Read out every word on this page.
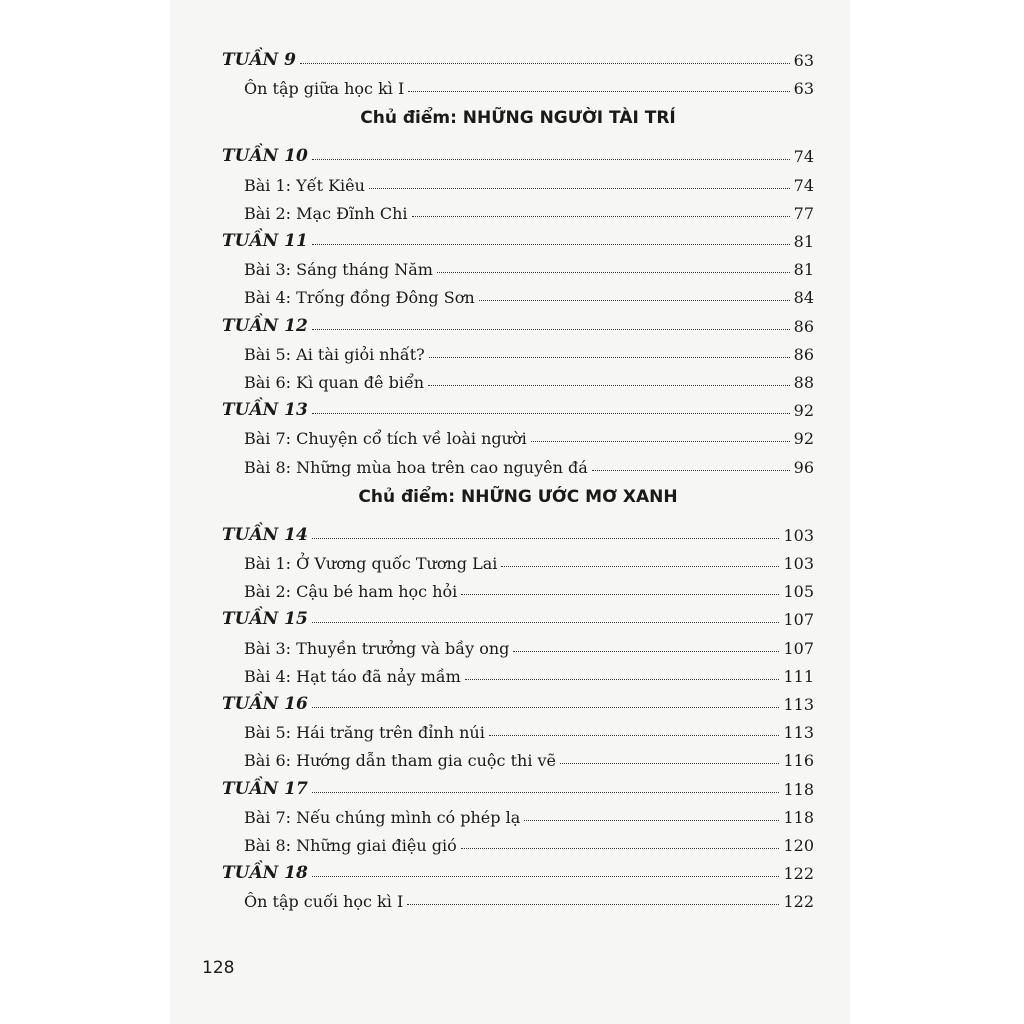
TUẦN 9	63
Ôn tập giữa học kì I	63
Chủ điểm: NHỮNG NGƯỜI TÀI TRÍ
TUẦN 10	74
Bài 1: Yết Kiêu	74
Bài 2: Mạc Đĩnh Chi	77
TUẦN 11	81
Bài 3: Sáng tháng Năm	81
Bài 4: Trống đồng Đông Sơn	84
TUẦN 12	86
Bài 5: Ai tài giỏi nhất?	86
Bài 6: Kì quan đê biển	88
TUẦN 13	92
Bài 7: Chuyện cổ tích về loài người	92
Bài 8: Những mùa hoa trên cao nguyên đá	96
Chủ điểm: NHỮNG ƯỚC MƠ XANH
TUẦN 14	103
Bài 1: Ở Vương quốc Tương Lai	103
Bài 2: Cậu bé ham học hỏi	105
TUẦN 15	107
Bài 3: Thuyền trưởng và bầy ong	107
Bài 4: Hạt táo đã nảy mầm	111
TUẦN 16	113
Bài 5: Hái trăng trên đỉnh núi	113
Bài 6: Hướng dẫn tham gia cuộc thi vẽ	116
TUẦN 17	118
Bài 7: Nếu chúng mình có phép lạ	118
Bài 8: Những giai điệu gió	120
TUẦN 18	122
Ôn tập cuối học kì I	122
128
